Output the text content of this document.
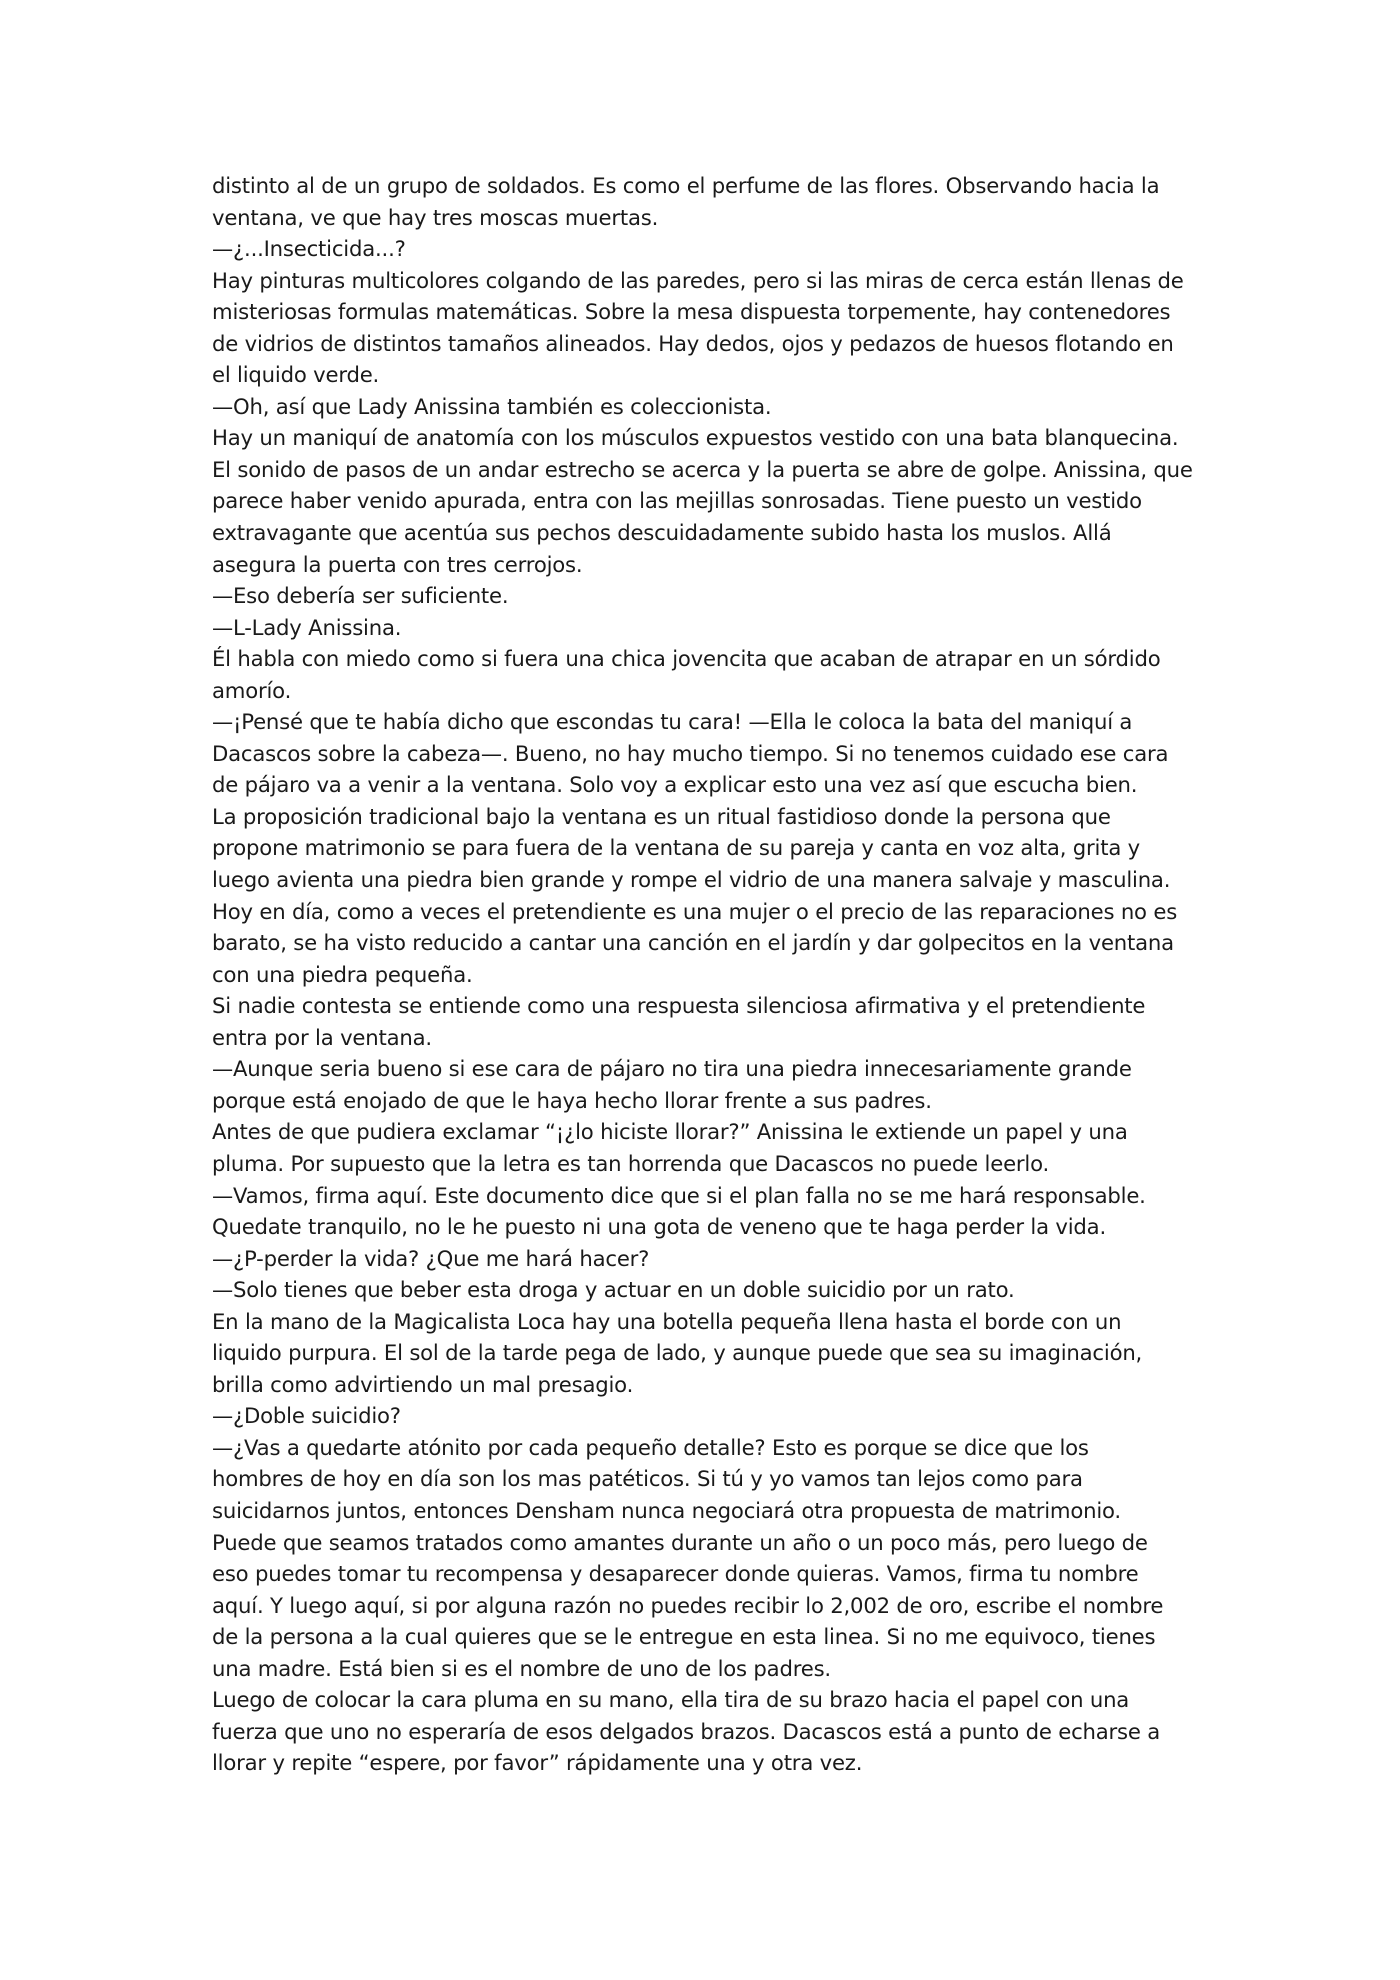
distinto al de un grupo de soldados. Es como el perfume de las flores. Observando hacia la
ventana, ve que hay tres moscas muertas.
—¿...Insecticida...?
Hay pinturas multicolores colgando de las paredes, pero si las miras de cerca están llenas de
misteriosas formulas matemáticas. Sobre la mesa dispuesta torpemente, hay contenedores
de vidrios de distintos tamaños alineados. Hay dedos, ojos y pedazos de huesos flotando en
el liquido verde.
—Oh, así que Lady Anissina también es coleccionista.
Hay un maniquí de anatomía con los músculos expuestos vestido con una bata blanquecina.
El sonido de pasos de un andar estrecho se acerca y la puerta se abre de golpe. Anissina, que
parece haber venido apurada, entra con las mejillas sonrosadas. Tiene puesto un vestido
extravagante que acentúa sus pechos descuidadamente subido hasta los muslos. Allá
asegura la puerta con tres cerrojos.
—Eso debería ser suficiente.
—L-Lady Anissina.
Él habla con miedo como si fuera una chica jovencita que acaban de atrapar en un sórdido
amorío.
—¡Pensé que te había dicho que escondas tu cara! —Ella le coloca la bata del maniquí a
Dacascos sobre la cabeza—. Bueno, no hay mucho tiempo. Si no tenemos cuidado ese cara
de pájaro va a venir a la ventana. Solo voy a explicar esto una vez así que escucha bien.
La proposición tradicional bajo la ventana es un ritual fastidioso donde la persona que
propone matrimonio se para fuera de la ventana de su pareja y canta en voz alta, grita y
luego avienta una piedra bien grande y rompe el vidrio de una manera salvaje y masculina.
Hoy en día, como a veces el pretendiente es una mujer o el precio de las reparaciones no es
barato, se ha visto reducido a cantar una canción en el jardín y dar golpecitos en la ventana
con una piedra pequeña.
Si nadie contesta se entiende como una respuesta silenciosa afirmativa y el pretendiente
entra por la ventana.
—Aunque seria bueno si ese cara de pájaro no tira una piedra innecesariamente grande
porque está enojado de que le haya hecho llorar frente a sus padres.
Antes de que pudiera exclamar “¡¿lo hiciste llorar?” Anissina le extiende un papel y una
pluma. Por supuesto que la letra es tan horrenda que Dacascos no puede leerlo.
—Vamos, firma aquí. Este documento dice que si el plan falla no se me hará responsable.
Quedate tranquilo, no le he puesto ni una gota de veneno que te haga perder la vida.
—¿P-perder la vida? ¿Que me hará hacer?
—Solo tienes que beber esta droga y actuar en un doble suicidio por un rato.
En la mano de la Magicalista Loca hay una botella pequeña llena hasta el borde con un
liquido purpura. El sol de la tarde pega de lado, y aunque puede que sea su imaginación,
brilla como advirtiendo un mal presagio.
—¿Doble suicidio?
—¿Vas a quedarte atónito por cada pequeño detalle? Esto es porque se dice que los
hombres de hoy en día son los mas patéticos. Si tú y yo vamos tan lejos como para
suicidarnos juntos, entonces Densham nunca negociará otra propuesta de matrimonio.
Puede que seamos tratados como amantes durante un año o un poco más, pero luego de
eso puedes tomar tu recompensa y desaparecer donde quieras. Vamos, firma tu nombre
aquí. Y luego aquí, si por alguna razón no puedes recibir lo 2,002 de oro, escribe el nombre
de la persona a la cual quieres que se le entregue en esta linea. Si no me equivoco, tienes
una madre. Está bien si es el nombre de uno de los padres.
Luego de colocar la cara pluma en su mano, ella tira de su brazo hacia el papel con una
fuerza que uno no esperaría de esos delgados brazos. Dacascos está a punto de echarse a
llorar y repite “espere, por favor” rápidamente una y otra vez.
